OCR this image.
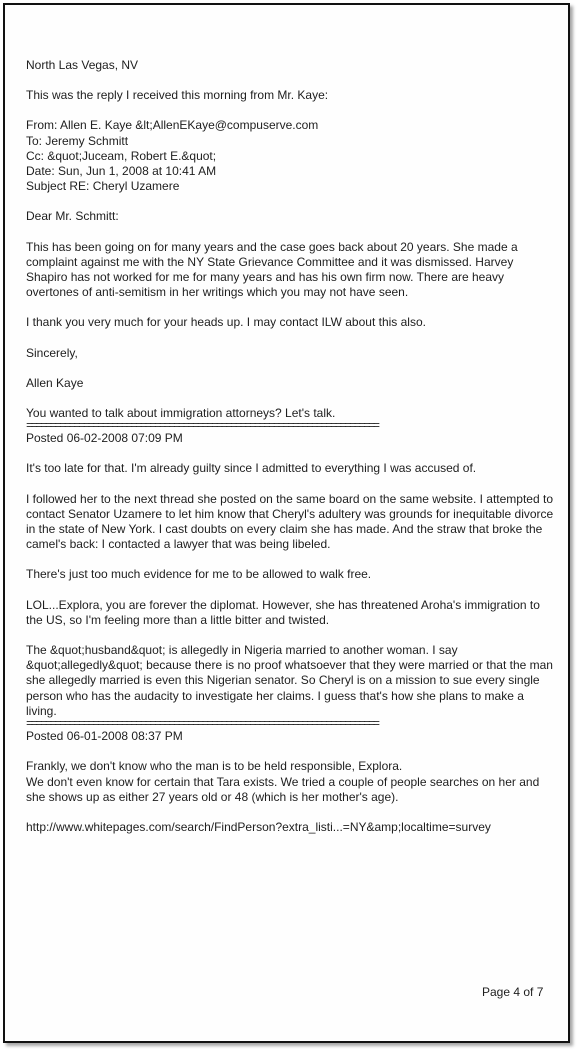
North Las Vegas, NV
This was the reply I received this morning from Mr. Kaye:
From: Allen E. Kaye &lt;AllenEKaye@compuserve.com
To: Jeremy Schmitt
Cc: &quot;Juceam, Robert E.&quot;
Date: Sun, Jun 1, 2008 at 10:41 AM
Subject RE: Cheryl Uzamere
Dear Mr. Schmitt:
This has been going on for many years and the case goes back about 20 years. She made a complaint against me with the NY State Grievance Committee and it was dismissed. Harvey Shapiro has not worked for me for many years and has his own firm now. There are heavy overtones of anti-semitism in her writings which you may not have seen.
I thank you very much for your heads up. I may contact ILW about this also.
Sincerely,
Allen Kaye
You wanted to talk about immigration attorneys? Let's talk.
==========================================================================
Posted 06-02-2008 07:09 PM
It's too late for that. I'm already guilty since I admitted to everything I was accused of.
I followed her to the next thread she posted on the same board on the same website. I attempted to contact Senator Uzamere to let him know that Cheryl's adultery was grounds for inequitable divorce in the state of New York. I cast doubts on every claim she has made. And the straw that broke the camel's back: I contacted a lawyer that was being libeled.
There's just too much evidence for me to be allowed to walk free.
LOL...Explora, you are forever the diplomat. However, she has threatened Aroha's immigration to the US, so I'm feeling more than a little bitter and twisted.
The &quot;husband&quot; is allegedly in Nigeria married to another woman. I say &quot;allegedly&quot; because there is no proof whatsoever that they were married or that the man she allegedly married is even this Nigerian senator. So Cheryl is on a mission to sue every single person who has the audacity to investigate her claims. I guess that's how she plans to make a living.
==========================================================================
Posted 06-01-2008 08:37 PM
Frankly, we don't know who the man is to be held responsible, Explora.
We don't even know for certain that Tara exists. We tried a couple of people searches on her and she shows up as either 27 years old or 48 (which is her mother's age).
http://www.whitepages.com/search/FindPerson?extra_listi...=NY&amp;localtime=survey
Page 4 of 7
